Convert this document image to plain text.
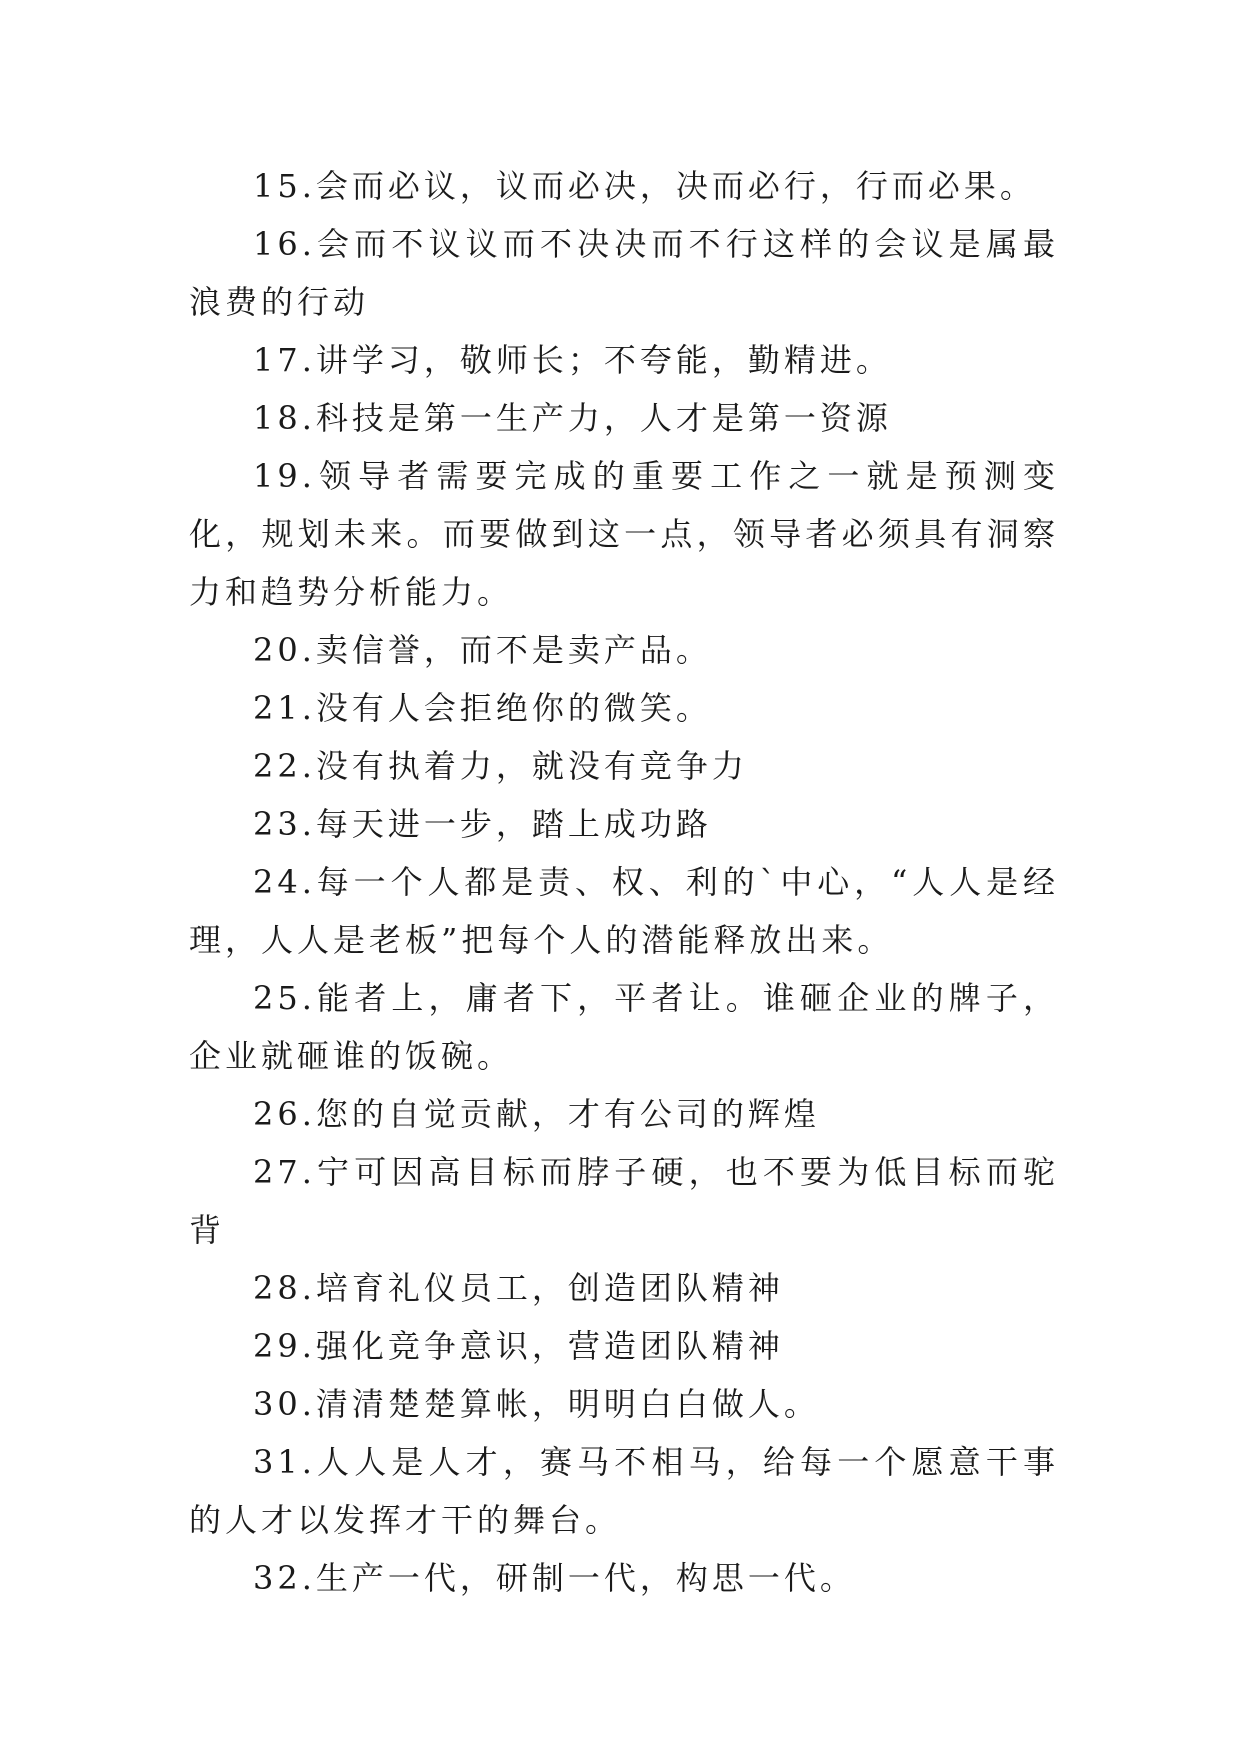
15.会而必议，议而必决，决而必行，行而必果。

16.会而不议议而不决决而不行这样的会议是属最浪费的行动

17.讲学习，敬师长；不夸能，勤精进。

18.科技是第一生产力，人才是第一资源

19.领导者需要完成的重要工作之一就是预测变化，规划未来。而要做到这一点，领导者必须具有洞察力和趋势分析能力。

20.卖信誉，而不是卖产品。

21.没有人会拒绝你的微笑。

22.没有执着力，就没有竞争力

23.每天进一步，踏上成功路

24.每一个人都是责、权、利的`中心，“人人是经理，人人是老板”把每个人的潜能释放出来。

25.能者上，庸者下，平者让。谁砸企业的牌子，企业就砸谁的饭碗。

26.您的自觉贡献，才有公司的辉煌

27.宁可因高目标而脖子硬，也不要为低目标而驼背

28.培育礼仪员工，创造团队精神

29.强化竞争意识，营造团队精神

30.清清楚楚算帐，明明白白做人。

31.人人是人才，赛马不相马，给每一个愿意干事的人才以发挥才干的舞台。

32.生产一代，研制一代，构思一代。
